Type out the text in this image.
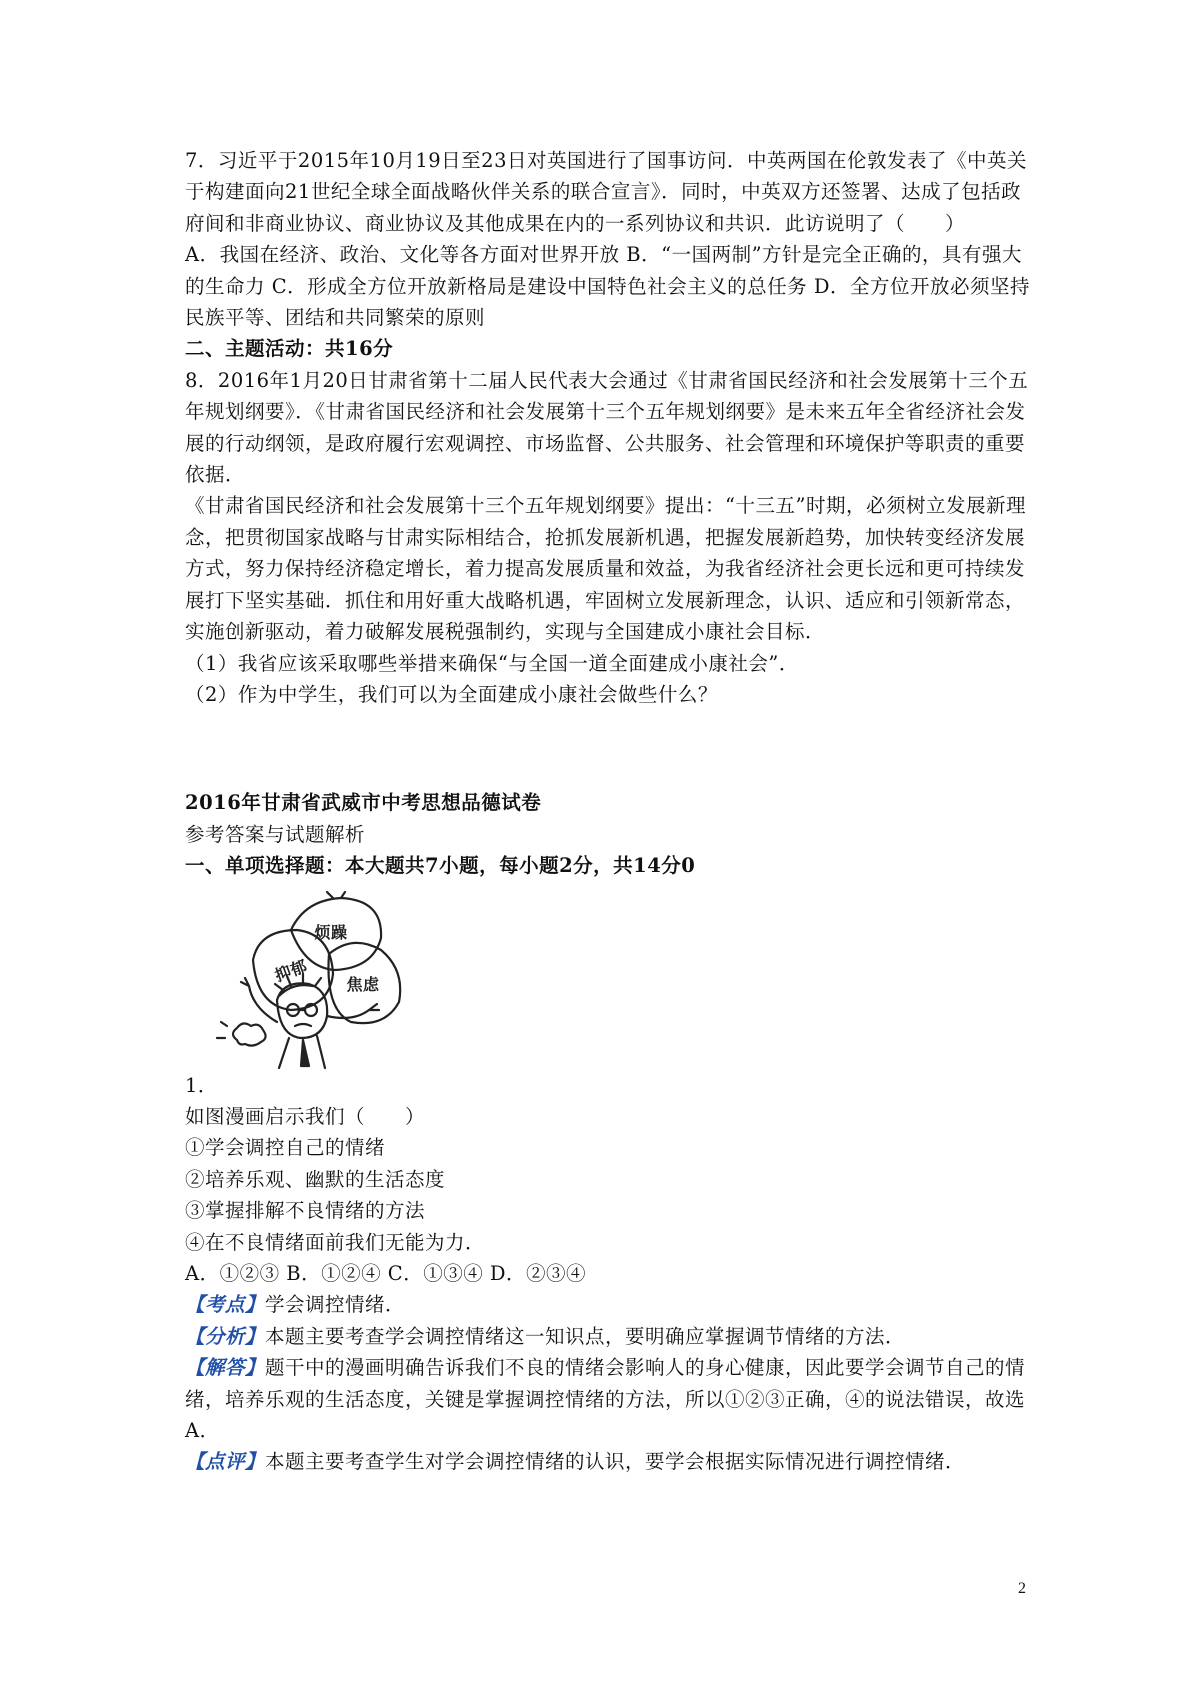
7．习近平于2015年10月19日至23日对英国进行了国事访问．中英两国在伦敦发表了《中英关于构建面向21世纪全球全面战略伙伴关系的联合宣言》．同时，中英双方还签署、达成了包括政府间和非商业协议、商业协议及其他成果在内的一系列协议和共识．此访说明了（　　）

A．我国在经济、政治、文化等各方面对世界开放 B．“一国两制”方针是完全正确的，具有强大的生命力 C．形成全方位开放新格局是建设中国特色社会主义的总任务 D．全方位开放必须坚持民族平等、团结和共同繁荣的原则

二、主题活动：共16分

8．2016年1月20日甘肃省第十二届人民代表大会通过《甘肃省国民经济和社会发展第十三个五年规划纲要》．《甘肃省国民经济和社会发展第十三个五年规划纲要》是未来五年全省经济社会发展的行动纲领，是政府履行宏观调控、市场监督、公共服务、社会管理和环境保护等职责的重要依据．

《甘肃省国民经济和社会发展第十三个五年规划纲要》提出：“十三五”时期，必须树立发展新理念，把贯彻国家战略与甘肃实际相结合，抢抓发展新机遇，把握发展新趋势，加快转变经济发展方式，努力保持经济稳定增长，着力提高发展质量和效益，为我省经济社会更长远和更可持续发展打下坚实基础．抓住和用好重大战略机遇，牢固树立发展新理念，认识、适应和引领新常态，实施创新驱动，着力破解发展税强制约，实现与全国建成小康社会目标．

（1）我省应该采取哪些举措来确保“与全国一道全面建成小康社会”．

（2）作为中学生，我们可以为全面建成小康社会做些什么？

2016年甘肃省武威市中考思想品德试卷

参考答案与试题解析

一、单项选择题：本大题共7小题，每小题2分，共14分0

烦躁
抑郁 焦虑

1．

如图漫画启示我们（　　）

①学会调控自己的情绪

②培养乐观、幽默的生活态度

③掌握排解不良情绪的方法

④在不良情绪面前我们无能为力．

A．①②③ B．①②④ C．①③④ D．②③④

【考点】学会调控情绪．

【分析】本题主要考查学会调控情绪这一知识点，要明确应掌握调节情绪的方法．

【解答】题干中的漫画明确告诉我们不良的情绪会影响人的身心健康，因此要学会调节自己的情绪，培养乐观的生活态度，关键是掌握调控情绪的方法，所以①②③正确，④的说法错误，故选A．

【点评】本题主要考查学生对学会调控情绪的认识，要学会根据实际情况进行调控情绪．

2
